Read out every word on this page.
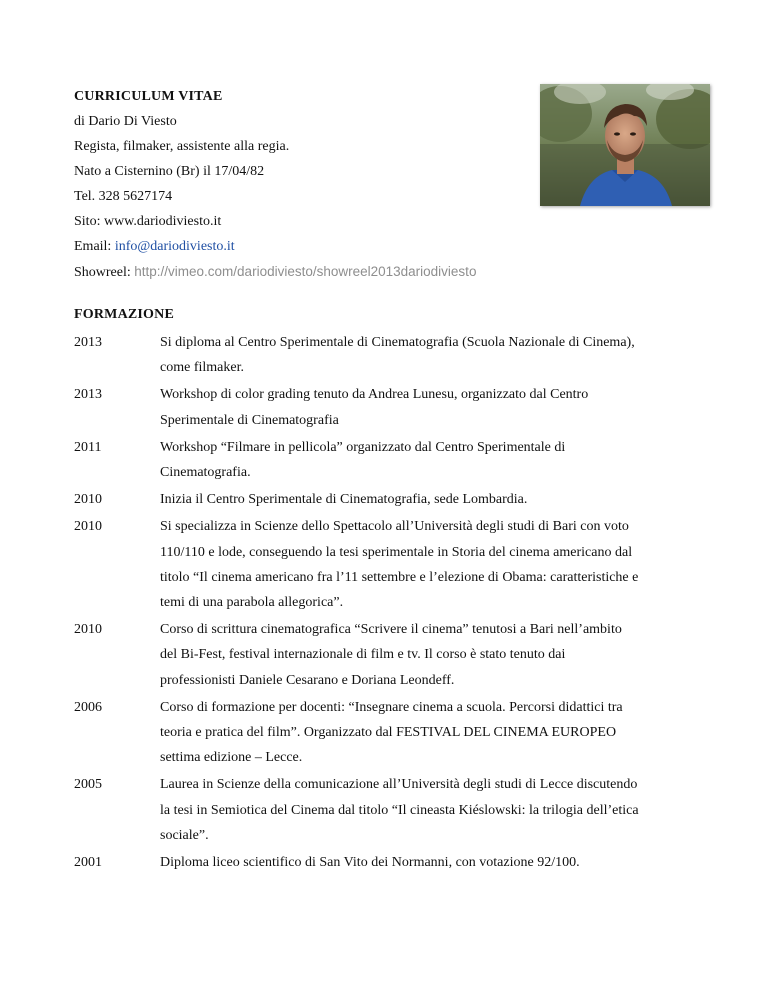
CURRICULUM VITAE
di Dario Di Viesto
Regista, filmaker, assistente alla regia.
Nato a Cisternino (Br) il 17/04/82
Tel. 328 5627174
Sito: www.dariodiviesto.it
Email: info@dariodiviesto.it
Showreel: http://vimeo.com/dariodiviesto/showreel2013dariodiviesto
FORMAZIONE
2013	Si diploma al Centro Sperimentale di Cinematografia (Scuola Nazionale di Cinema),
come filmaker.
2013	Workshop di color grading tenuto da Andrea Lunesu, organizzato dal Centro
Sperimentale di Cinematografia
2011	Workshop “Filmare in pellicola” organizzato dal Centro Sperimentale di
Cinematografia.
2010	Inizia il Centro Sperimentale di Cinematografia, sede Lombardia.
2010	Si specializza in Scienze dello Spettacolo all’Università degli studi di Bari con voto
110/110 e lode, conseguendo la tesi sperimentale in Storia del cinema americano dal
titolo “Il cinema americano fra l’11 settembre e l’elezione di Obama: caratteristiche e
temi di una parabola allegorica”.
2010	Corso di scrittura cinematografica “Scrivere il cinema” tenutosi a Bari nell’ambito
del Bi-Fest, festival internazionale di film e tv. Il corso è stato tenuto dai
professionisti Daniele Cesarano e Doriana Leondeff.
2006	Corso di formazione per docenti: “Insegnare cinema a scuola. Percorsi didattici tra
teoria e pratica del film”. Organizzato dal FESTIVAL DEL CINEMA EUROPEO
settima edizione – Lecce.
2005	Laurea in Scienze della comunicazione all’Università degli studi di Lecce discutendo
la tesi in Semiotica del Cinema dal titolo “Il cineasta Kiéslowski: la trilogia dell’etica
sociale”.
2001	Diploma liceo scientifico di San Vito dei Normanni, con votazione 92/100.
